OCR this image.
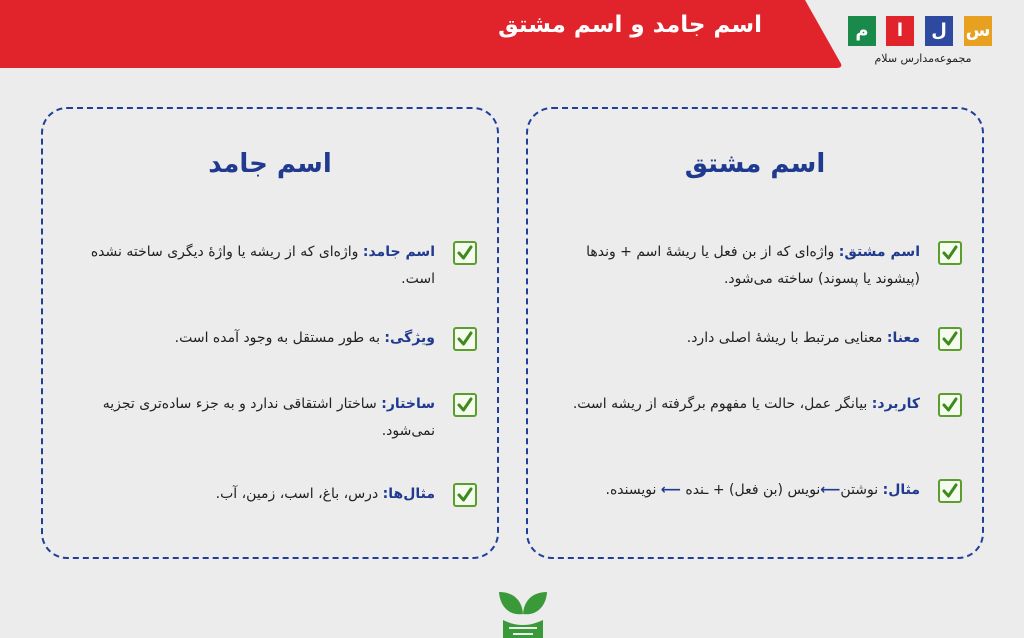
اسم جامد و اسم مشتق	م	ا	ل	س
مجموعه‌مدارس سلام
اسم مشتق
اسم مشتق: واژه‌ای که از بن فعل یا ریشهٔ اسم + وندها (پیشوند یا پسوند) ساخته می‌شود.
معنا: معنایی مرتبط با ریشهٔ اصلی دارد.
کاربرد: بیانگر عمل، حالت یا مفهوم برگرفته از ریشه است.
مثال: نوشتن⟵نویس (بن فعل) + ـنده ⟵ نویسنده.
اسم جامد
اسم جامد: واژه‌ای که از ریشه یا واژهٔ دیگری ساخته نشده است.
ویژگی: به طور مستقل به وجود آمده است.
ساختار: ساختار اشتقاقی ندارد و به جزء ساده‌تری تجزیه نمی‌شود.
مثال‌ها: درس، باغ، اسب، زمین، آب.
